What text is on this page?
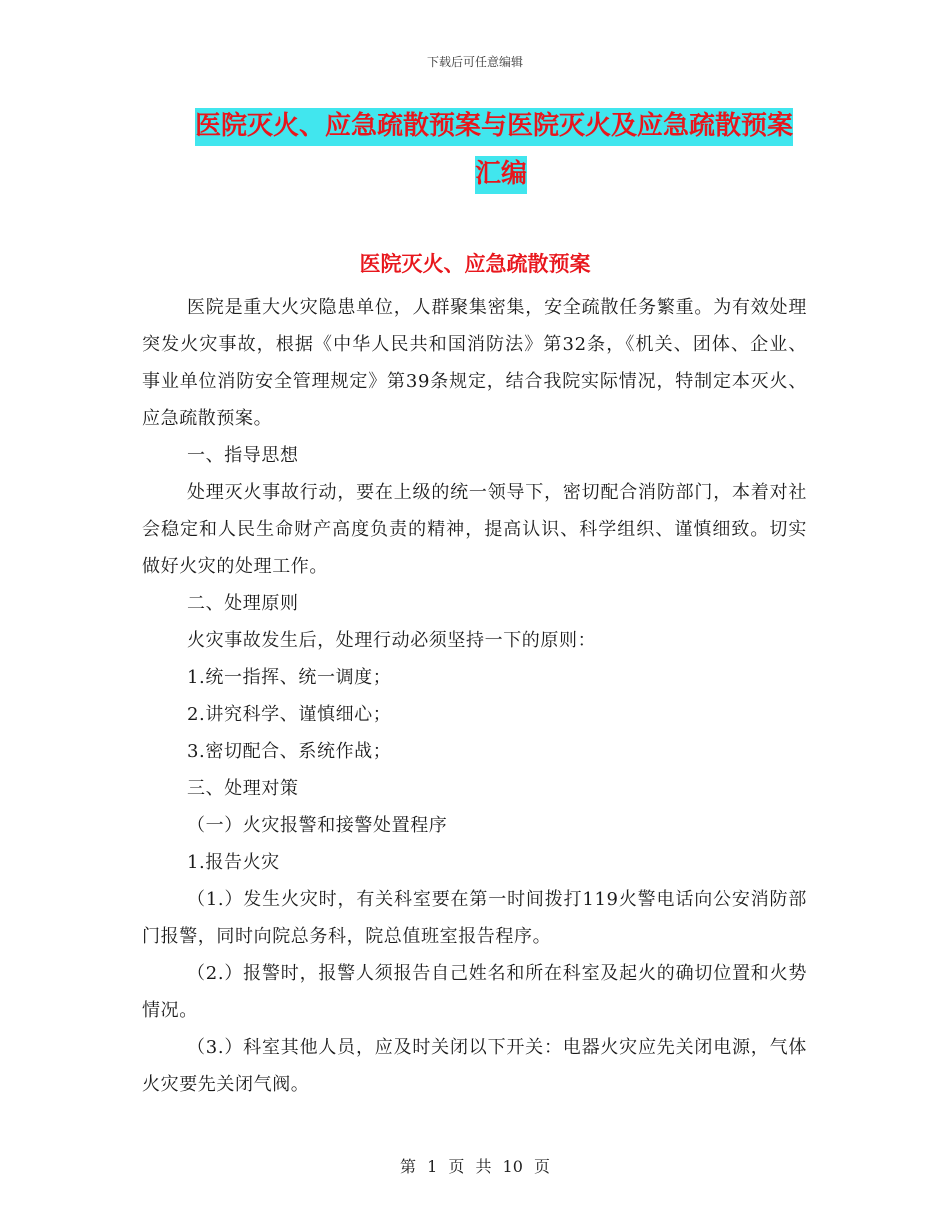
下载后可任意编辑
医院灭火、应急疏散预案与医院灭火及应急疏散预案
汇编
医院灭火、应急疏散预案

医院是重大火灾隐患单位，人群聚集密集，安全疏散任务繁重。为有效处理突发火灾事故，根据《中华人民共和国消防法》第32条，《机关、团体、企业、事业单位消防安全管理规定》第39条规定，结合我院实际情况，特制定本灭火、应急疏散预案。

一、指导思想

处理灭火事故行动，要在上级的统一领导下，密切配合消防部门，本着对社会稳定和人民生命财产高度负责的精神，提高认识、科学组织、谨慎细致。切实做好火灾的处理工作。

二、处理原则

火灾事故发生后，处理行动必须坚持一下的原则：

1.统一指挥、统一调度；

2.讲究科学、谨慎细心；

3.密切配合、系统作战；

三、处理对策

（一）火灾报警和接警处置程序

1.报告火灾

（1.）发生火灾时，有关科室要在第一时间拨打119火警电话向公安消防部门报警，同时向院总务科，院总值班室报告程序。

（2.）报警时，报警人须报告自己姓名和所在科室及起火的确切位置和火势情况。

（3.）科室其他人员，应及时关闭以下开关：电器火灾应先关闭电源，气体火灾要先关闭气阀。

第 1 页 共 10 页
